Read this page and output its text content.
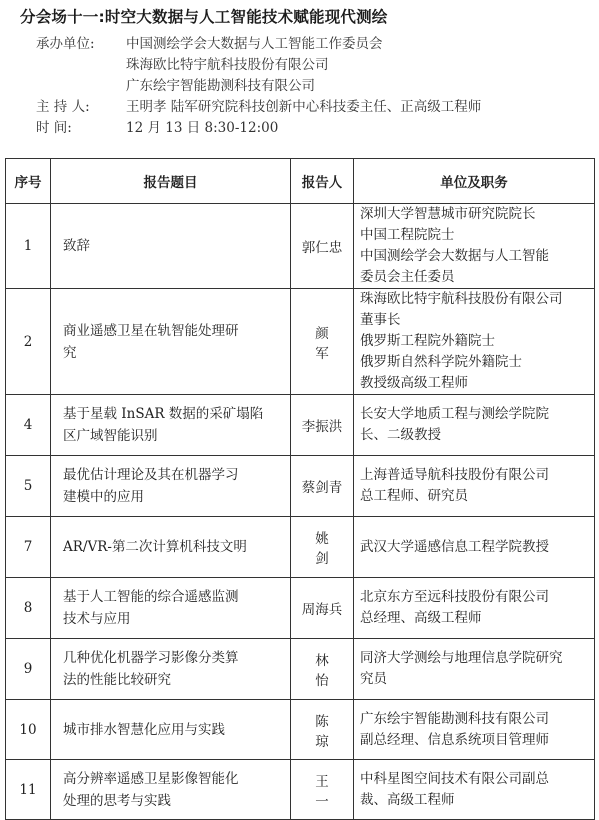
分会场十一:时空大数据与人工智能技术赋能现代测绘
承办单位:	中国测绘学会大数据与人工智能工作委员会
珠海欧比特宇航科技股份有限公司
广东绘宇智能勘测科技有限公司
主 持 人:	王明孝 陆军研究院科技创新中心科技委主任、正高级工程师
时 间:	12 月 13 日 8:30-12:00
序号	报告题目	报告人	单位及职务
1	致辞	郭仁忠	深圳大学智慧城市研究院院长
中国工程院院士
中国测绘学会大数据与人工智能
委员会主任委员

2	商业遥感卫星在轨智能处理研
究	颜军	珠海欧比特宇航科技股份有限公司
董事长
俄罗斯工程院外籍院士
俄罗斯自然科学院外籍院士
教授级高级工程师

4	基于星载 InSAR 数据的采矿塌陷
区广域智能识别	李振洪	长安大学地质工程与测绘学院院
长、二级教授

5	最优估计理论及其在机器学习
建模中的应用	蔡剑青	上海普适导航科技股份有限公司
总工程师、研究员

7	AR/VR-第二次计算机科技文明	姚剑	武汉大学遥感信息工程学院教授

8	基于人工智能的综合遥感监测
技术与应用	周海兵	北京东方至远科技股份有限公司
总经理、高级工程师

9	几种优化机器学习影像分类算
法的性能比较研究	林怡	同济大学测绘与地理信息学院研究
究员

10	城市排水智慧化应用与实践	陈琼	广东绘宇智能勘测科技有限公司
副总经理、信息系统项目管理师

11	高分辨率遥感卫星影像智能化
处理的思考与实践	王一	中科星图空间技术有限公司副总
裁、高级工程师
